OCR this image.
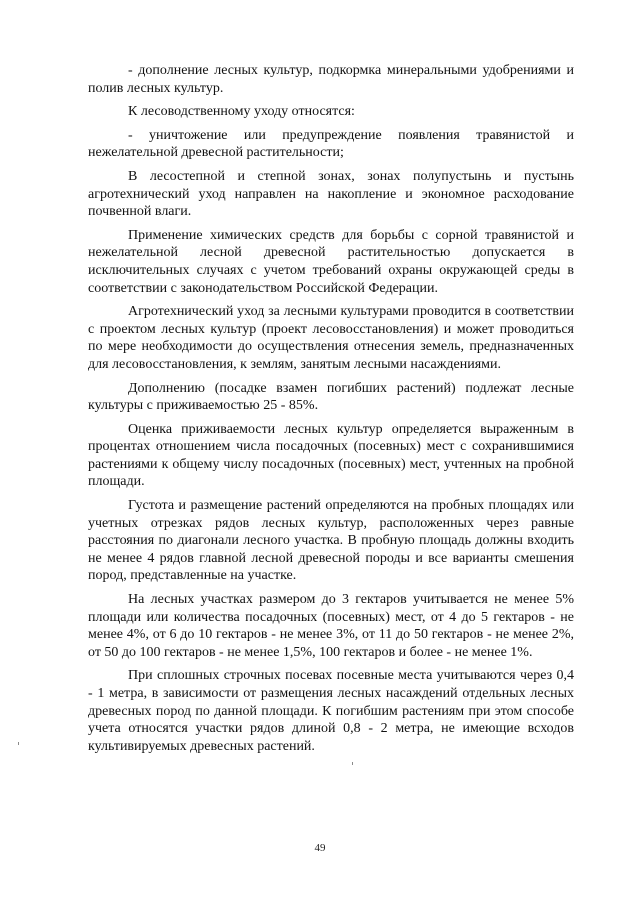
- дополнение лесных культур, подкормка минеральными удобрениями и полив лесных культур.

К лесоводственному уходу относятся:

- уничтожение или предупреждение появления травянистой и нежелательной древесной растительности;

В лесостепной и степной зонах, зонах полупустынь и пустынь агротехнический уход направлен на накопление и экономное расходование почвенной влаги.

Применение химических средств для борьбы с сорной травянистой и нежелательной лесной древесной растительностью допускается в исключительных случаях с учетом требований охраны окружающей среды в соответствии с законодательством Российской Федерации.

Агротехнический уход за лесными культурами проводится в соответствии с проектом лесных культур (проект лесовосстановления) и может проводиться по мере необходимости до осуществления отнесения земель, предназначенных для лесовосстановления, к землям, занятым лесными насаждениями.

Дополнению (посадке взамен погибших растений) подлежат лесные культуры с приживаемостью 25 - 85%.

Оценка приживаемости лесных культур определяется выраженным в процентах отношением числа посадочных (посевных) мест с сохранившимися растениями к общему числу посадочных (посевных) мест, учтенных на пробной площади.

Густота и размещение растений определяются на пробных площадях или учетных отрезках рядов лесных культур, расположенных через равные расстояния по диагонали лесного участка. В пробную площадь должны входить не менее 4 рядов главной лесной древесной породы и все варианты смешения пород, представленные на участке.

На лесных участках размером до 3 гектаров учитывается не менее 5% площади или количества посадочных (посевных) мест, от 4 до 5 гектаров - не менее 4%, от 6 до 10 гектаров - не менее 3%, от 11 до 50 гектаров - не менее 2%, от 50 до 100 гектаров - не менее 1,5%, 100 гектаров и более - не менее 1%.

При сплошных строчных посевах посевные места учитываются через 0,4 - 1 метра, в зависимости от размещения лесных насаждений отдельных лесных древесных пород по данной площади. К погибшим растениям при этом способе учета относятся участки рядов длиной 0,8 - 2 метра, не имеющие всходов культивируемых древесных растений.

49
